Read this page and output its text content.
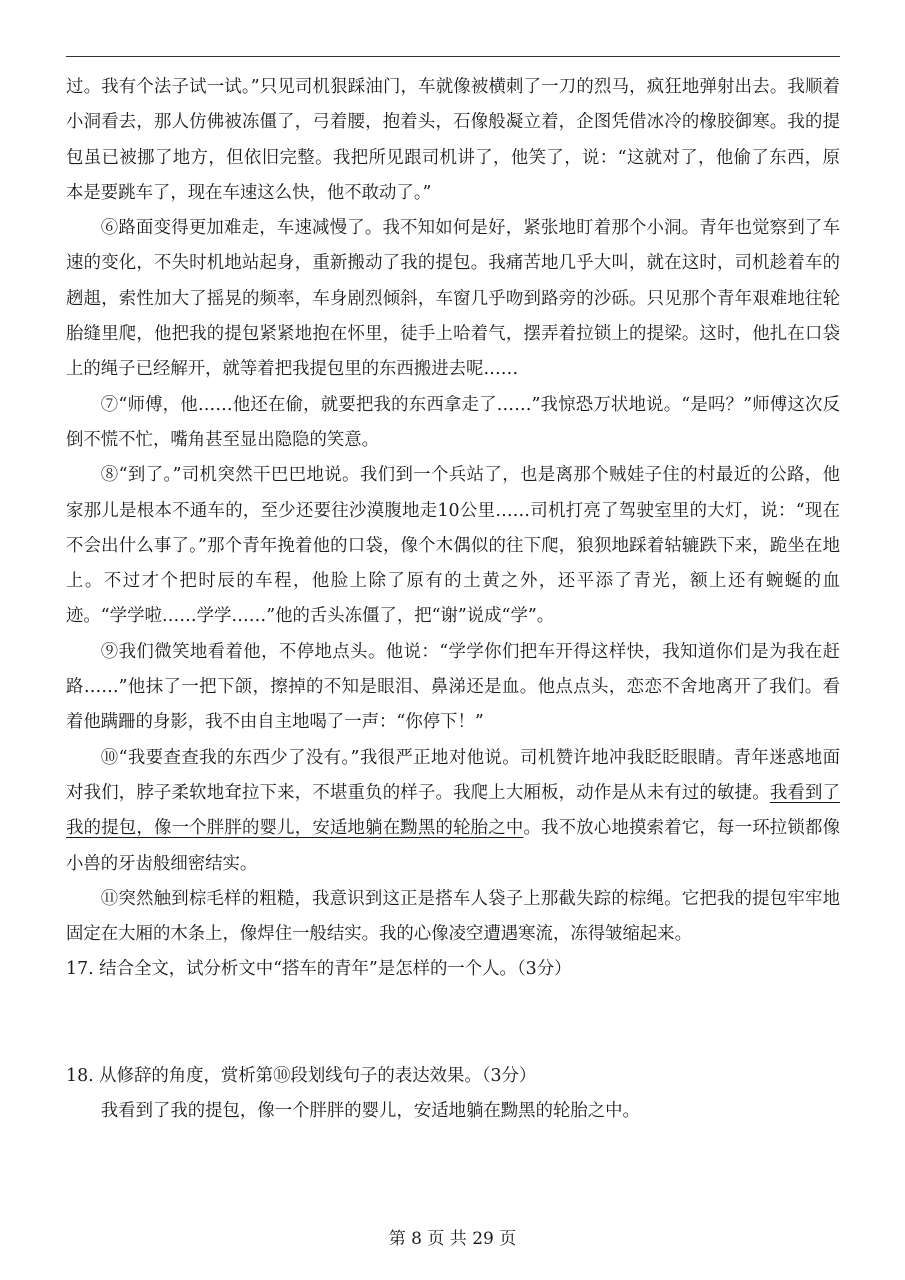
过。我有个法子试一试。”只见司机狠踩油门，车就像被横刺了一刀的烈马，疯狂地弹射出去。我顺着小洞看去，那人仿佛被冻僵了，弓着腰，抱着头，石像般凝立着，企图凭借冰冷的橡胶御寒。我的提包虽已被挪了地方，但依旧完整。我把所见跟司机讲了，他笑了，说：“这就对了，他偷了东西，原本是要跳车了，现在车速这么快，他不敢动了。”

⑥路面变得更加难走，车速减慢了。我不知如何是好，紧张地盯着那个小洞。青年也觉察到了车速的变化，不失时机地站起身，重新搬动了我的提包。我痛苦地几乎大叫，就在这时，司机趁着车的趔趄，索性加大了摇晃的频率，车身剧烈倾斜，车窗几乎吻到路旁的沙砾。只见那个青年艰难地往轮胎缝里爬，他把我的提包紧紧地抱在怀里，徒手上哈着气，摆弄着拉锁上的提梁。这时，他扎在口袋上的绳子已经解开，就等着把我提包里的东西搬进去呢……

⑦“师傅，他……他还在偷，就要把我的东西拿走了……”我惊恐万状地说。“是吗？”师傅这次反倒不慌不忙，嘴角甚至显出隐隐的笑意。

⑧“到了。”司机突然干巴巴地说。我们到一个兵站了，也是离那个贼娃子住的村最近的公路，他家那儿是根本不通车的，至少还要往沙漠腹地走10公里……司机打亮了驾驶室里的大灯，说：“现在不会出什么事了。”那个青年挽着他的口袋，像个木偶似的往下爬，狼狈地踩着轱辘跌下来，跪坐在地上。不过才个把时辰的车程，他脸上除了原有的土黄之外，还平添了青光，额上还有蜿蜒的血迹。“学学啦……学学……”他的舌头冻僵了，把“谢”说成“学”。

⑨我们微笑地看着他，不停地点头。他说：“学学你们把车开得这样快，我知道你们是为我在赶路……”他抹了一把下颌，擦掉的不知是眼泪、鼻涕还是血。他点点头，恋恋不舍地离开了我们。看着他蹒跚的身影，我不由自主地喝了一声：“你停下！”

⑩“我要查查我的东西少了没有。”我很严正地对他说。司机赞许地冲我眨眨眼睛。青年迷惑地面对我们，脖子柔软地耷拉下来，不堪重负的样子。我爬上大厢板，动作是从未有过的敏捷。我看到了我的提包，像一个胖胖的婴儿，安适地躺在黝黑的轮胎之中。我不放心地摸索着它，每一环拉锁都像小兽的牙齿般细密结实。

⑪突然触到棕毛样的粗糙，我意识到这正是搭车人袋子上那截失踪的棕绳。它把我的提包牢牢地固定在大厢的木条上，像焊住一般结实。我的心像凌空遭遇寒流，冻得皱缩起来。

17. 结合全文，试分析文中“搭车的青年”是怎样的一个人。（3分）

18. 从修辞的角度，赏析第⑩段划线句子的表达效果。（3分）

我看到了我的提包，像一个胖胖的婴儿，安适地躺在黝黑的轮胎之中。

第 8 页 共 29 页
